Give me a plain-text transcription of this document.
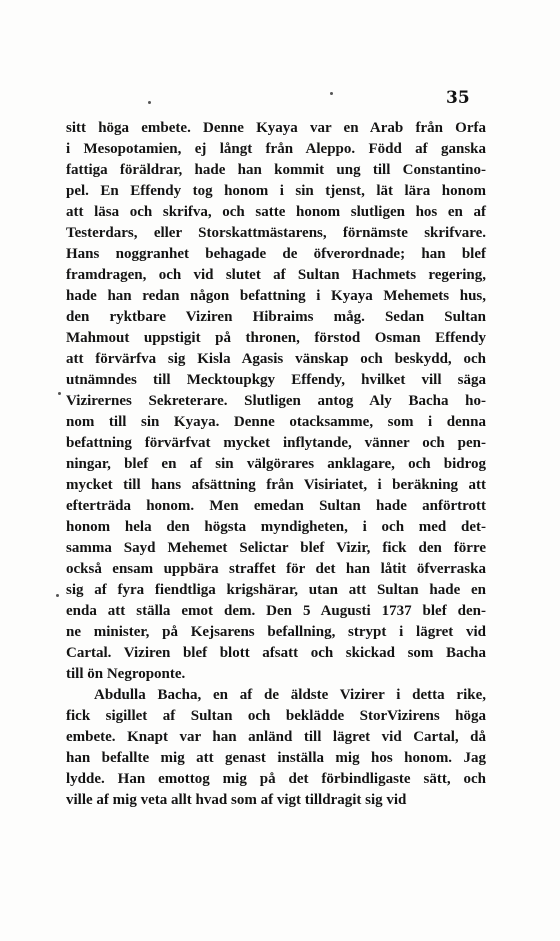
35
sitt höga embete. Denne Kyaya var en Arab från Orfa
i Mesopotamien, ej långt från Aleppo. Född af ganska
fattiga föräldrar, hade han kommit ung till Constantino-
pel. En Effendy tog honom i sin tjenst, lät lära honom
att läsa och skrifva, och satte honom slutligen hos en af
Testerdars, eller Storskattmästarens, förnämste skrifvare.
Hans noggranhet behagade de öfverordnade; han blef
framdragen, och vid slutet af Sultan Hachmets regering,
hade han redan någon befattning i Kyaya Mehemets hus,
den ryktbare Viziren Hibraims måg. Sedan Sultan
Mahmout uppstigit på thronen, förstod Osman Effendy
att förvärfva sig Kisla Agasis vänskap och beskydd, och
utnämndes till Mecktoupkgy Effendy, hvilket vill säga
Vizirernes Sekreterare. Slutligen antog Aly Bacha ho-
nom till sin Kyaya. Denne otacksamme, som i denna
befattning förvärfvat mycket inflytande, vänner och pen-
ningar, blef en af sin välgörares anklagare, och bidrog
mycket till hans afsättning från Visiriatet, i beräkning att
efterträda honom. Men emedan Sultan hade anförtrott
honom hela den högsta myndigheten, i och med det-
samma Sayd Mehemet Selictar blef Vizir, fick den förre
också ensam uppbära straffet för det han låtit öfverraska
sig af fyra fiendtliga krigshärar, utan att Sultan hade en
enda att ställa emot dem. Den 5 Augusti 1737 blef den-
ne minister, på Kejsarens befallning, strypt i lägret vid
Cartal. Viziren blef blott afsatt och skickad som Bacha
till ön Negroponte.
Abdulla Bacha, en af de äldste Vizirer i detta rike,
fick sigillet af Sultan och beklädde StorVizirens höga
embete. Knapt var han anländ till lägret vid Cartal, då
han befallte mig att genast inställa mig hos honom. Jag
lydde. Han emottog mig på det förbindligaste sätt, och
ville af mig veta allt hvad som af vigt tilldragit sig vid
